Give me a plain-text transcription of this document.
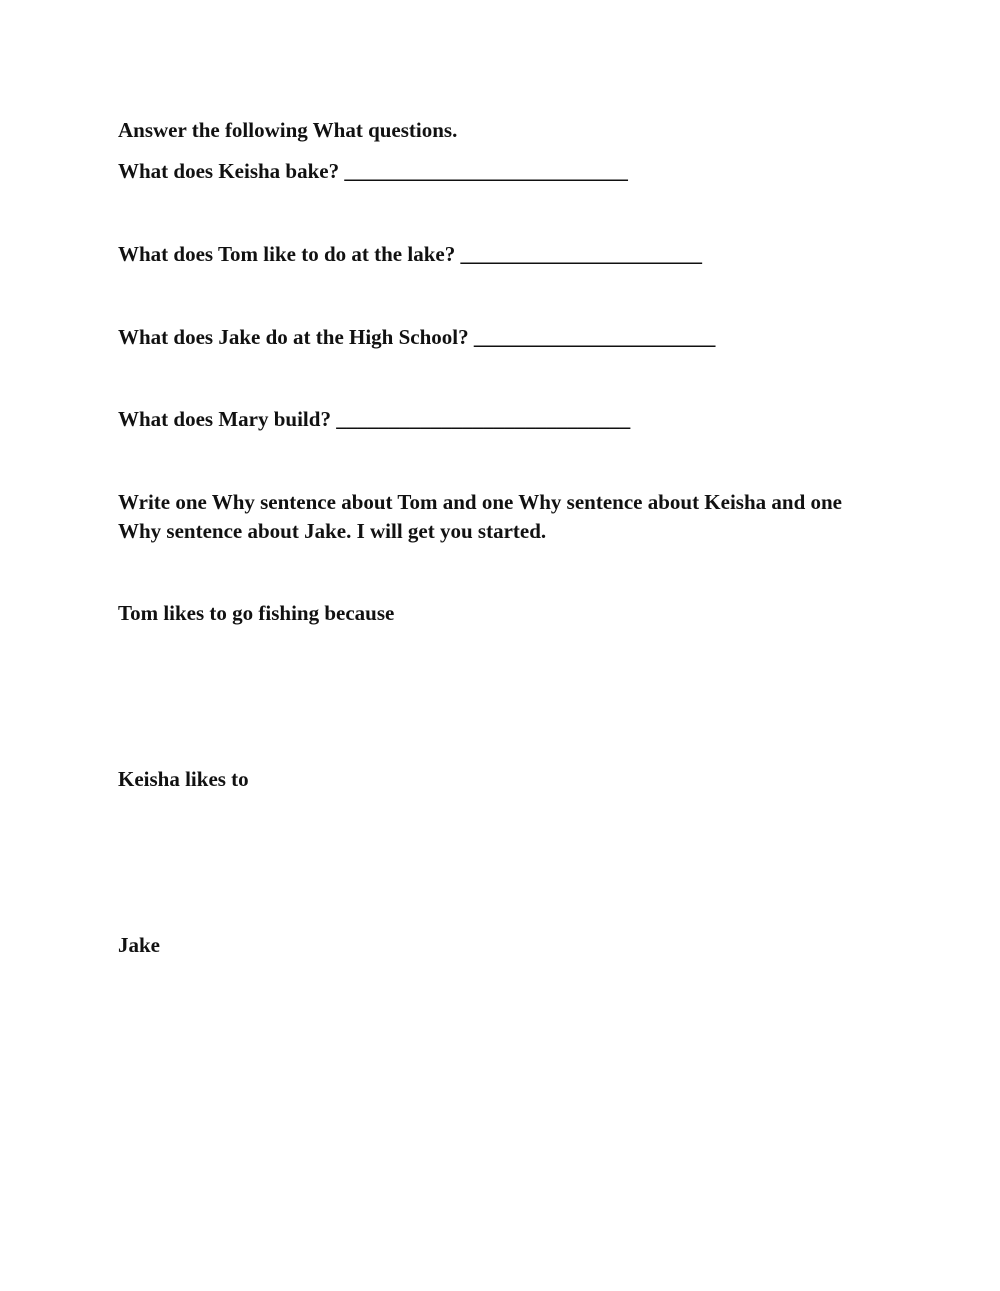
Answer the following What questions.

What does Keisha bake? ___________________________

What does Tom like to do at the lake? _______________________

What does Jake do at the High School? _______________________

What does Mary build? ____________________________

Write one Why sentence about Tom and one Why sentence about Keisha and one Why sentence about Jake. I will get you started.

Tom likes to go fishing because

Keisha likes to

Jake
